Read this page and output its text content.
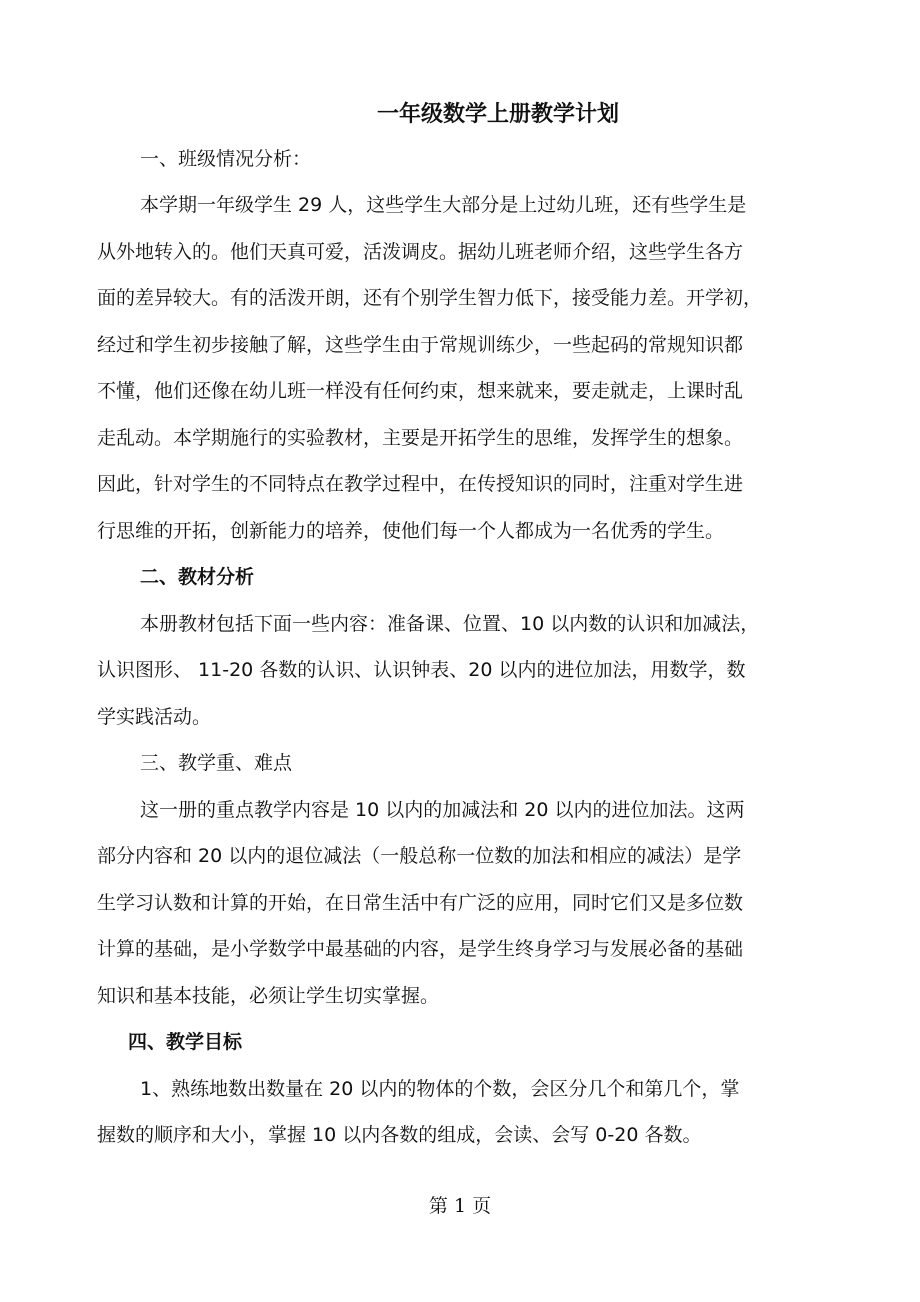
一年级数学上册教学计划

一、班级情况分析：

本学期一年级学生 29 人，这些学生大部分是上过幼儿班，还有些学生是

从外地转入的。他们天真可爱，活泼调皮。据幼儿班老师介绍，这些学生各方

面的差异较大。有的活泼开朗，还有个别学生智力低下，接受能力差。开学初，

经过和学生初步接触了解，这些学生由于常规训练少，一些起码的常规知识都

不懂，他们还像在幼儿班一样没有任何约束，想来就来，要走就走，上课时乱

走乱动。本学期施行的实验教材，主要是开拓学生的思维，发挥学生的想象。

因此，针对学生的不同特点在教学过程中，在传授知识的同时，注重对学生进

行思维的开拓，创新能力的培养，使他们每一个人都成为一名优秀的学生。

二、教材分析

本册教材包括下面一些内容：准备课、位置、10 以内数的认识和加减法，

认识图形、 11-20 各数的认识、认识钟表、20 以内的进位加法，用数学，数

学实践活动。

三、教学重、难点

这一册的重点教学内容是 10 以内的加减法和 20 以内的进位加法。这两

部分内容和 20 以内的退位减法（一般总称一位数的加法和相应的减法）是学

生学习认数和计算的开始，在日常生活中有广泛的应用，同时它们又是多位数

计算的基础，是小学数学中最基础的内容，是学生终身学习与发展必备的基础

知识和基本技能，必须让学生切实掌握。

四、教学目标

1、熟练地数出数量在 20 以内的物体的个数，会区分几个和第几个，掌

握数的顺序和大小，掌握 10 以内各数的组成，会读、会写 0-20 各数。

第 1 页
